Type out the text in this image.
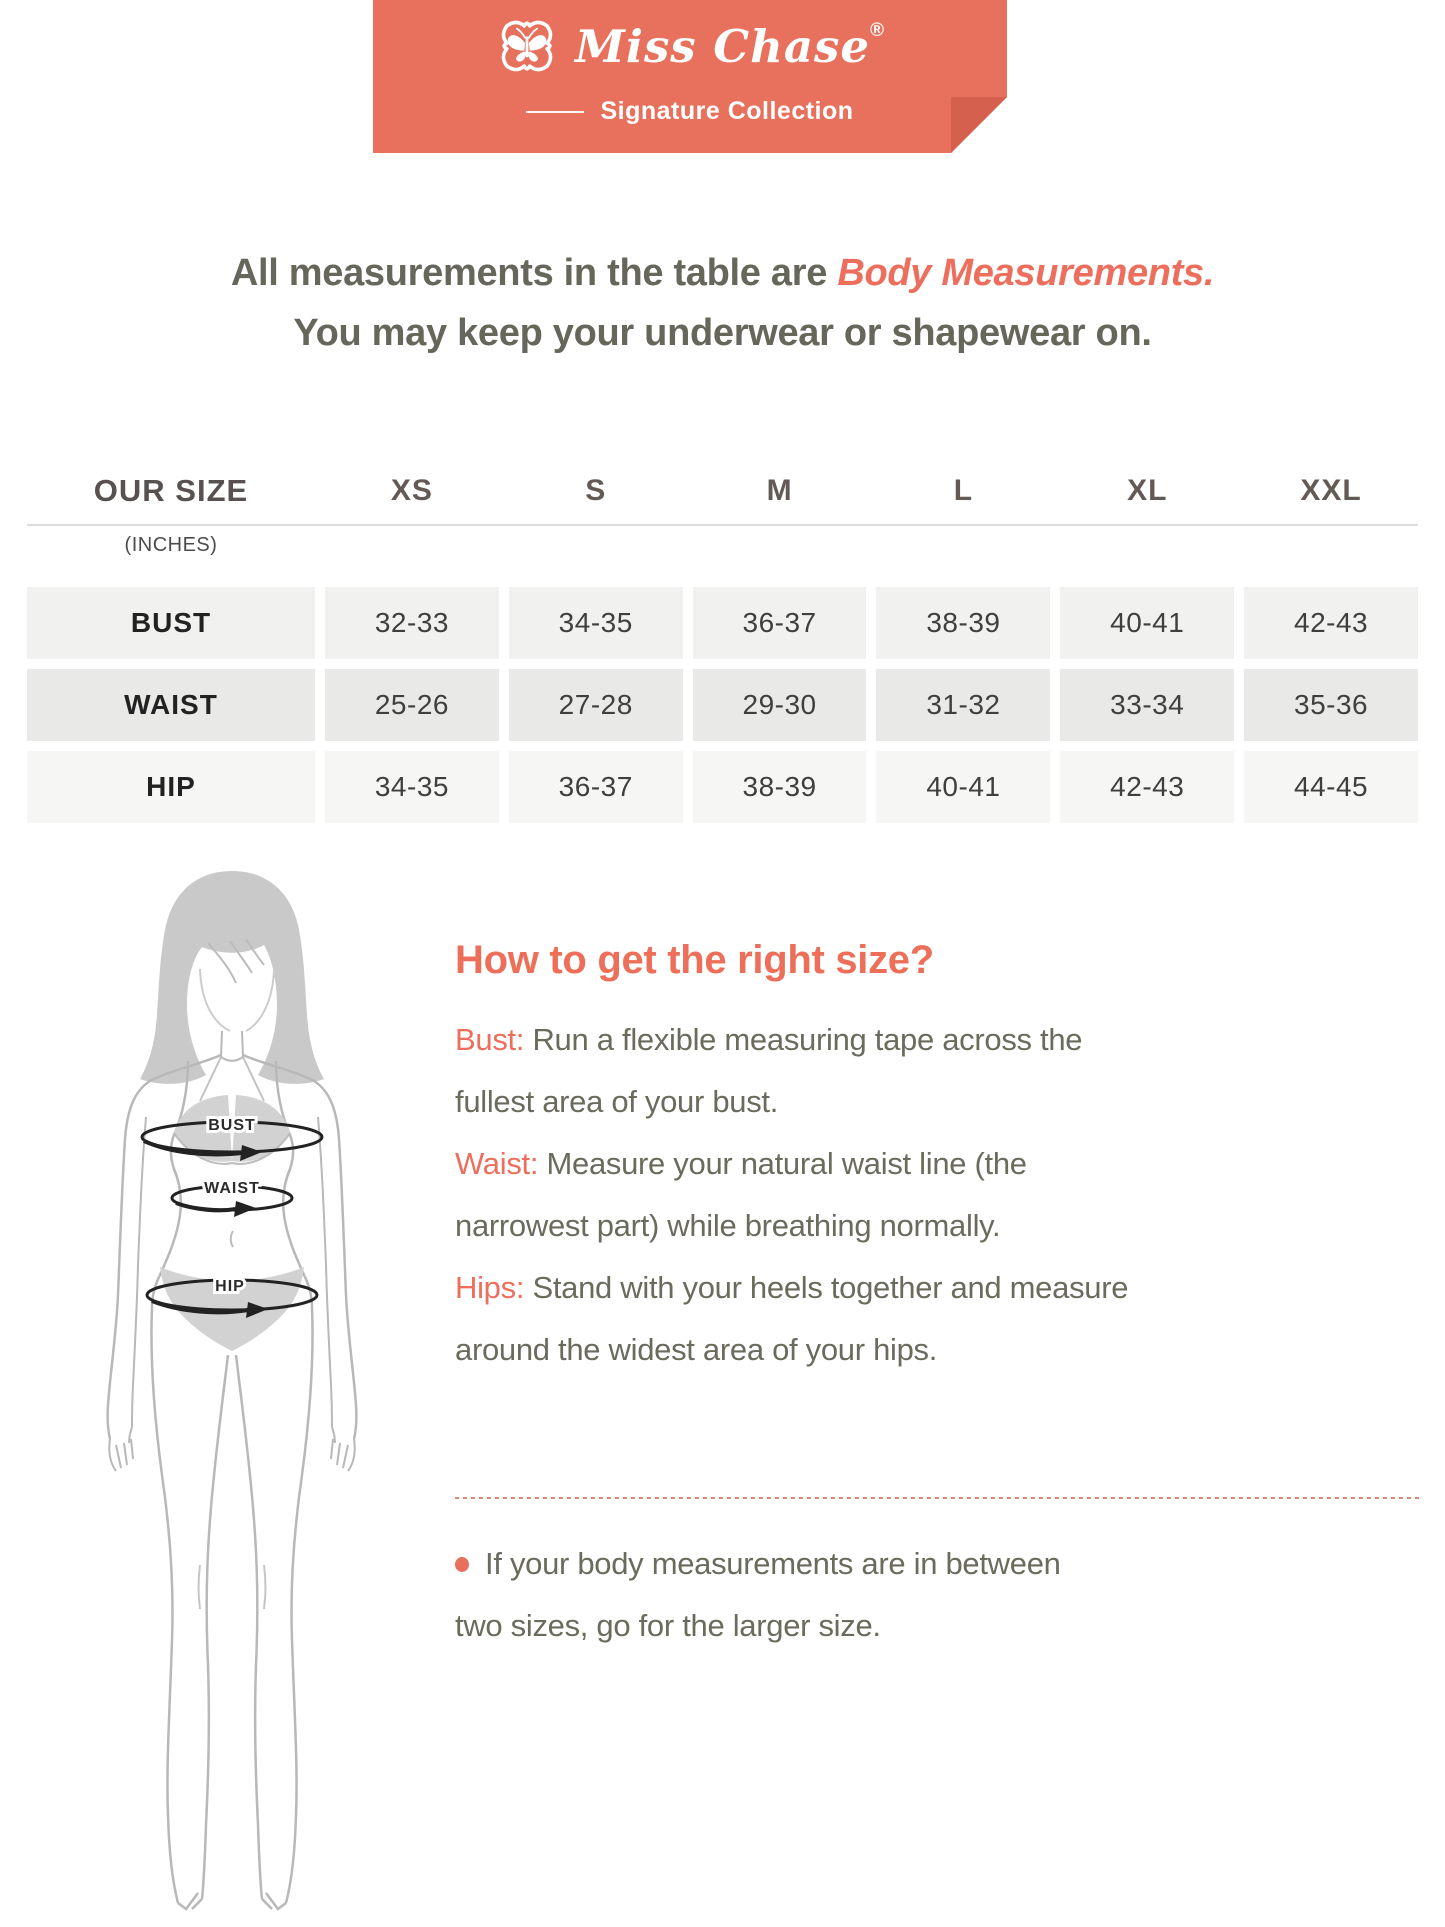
Miss Chase®
Signature Collection
All measurements in the table are Body Measurements.
You may keep your underwear or shapewear on.
OUR SIZE	XS	S	M	L	XL	XXL
(INCHES)
BUST	32-33	34-35	36-37	38-39	40-41	42-43
WAIST	25-26	27-28	29-30	31-32	33-34	35-36
HIP	34-35	36-37	38-39	40-41	42-43	44-45
BUST
WAIST
HIP
How to get the right size?

Bust: Run a flexible measuring tape across the fullest area of your bust.

Waist: Measure your natural waist line (the narrowest part) while breathing normally.

Hips: Stand with your heels together and measure around the widest area of your hips.

If your body measurements are in between two sizes, go for the larger size.
